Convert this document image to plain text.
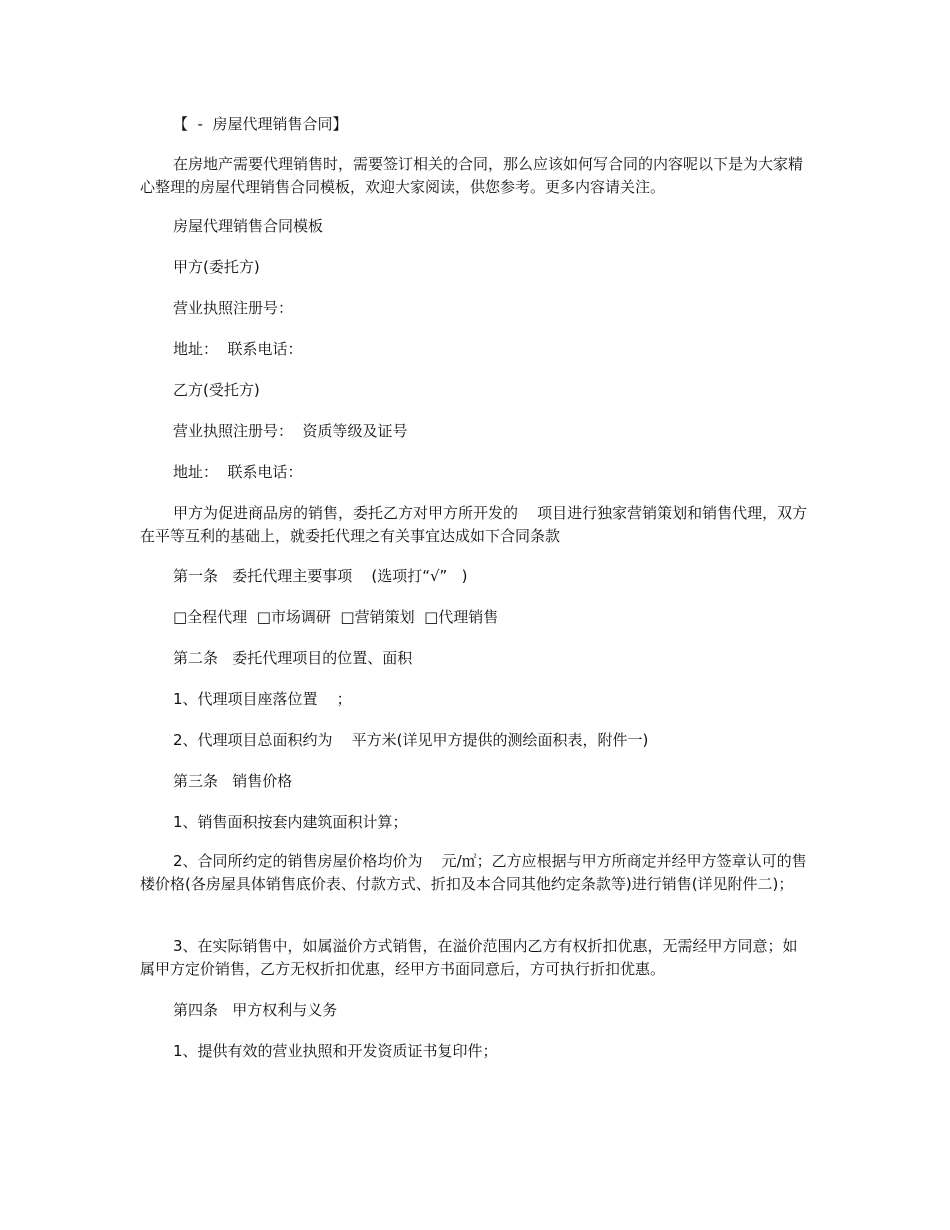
【  -  房屋代理销售合同】

在房地产需要代理销售时，需要签订相关的合同，那么应该如何写合同的内容呢以下是为大家精心整理的房屋代理销售合同模板，欢迎大家阅读，供您参考。更多内容请关注。

房屋代理销售合同模板

甲方(委托方)

营业执照注册号：

地址：  联系电话：

乙方(受托方)

营业执照注册号：  资质等级及证号

地址：  联系电话：

甲方为促进商品房的销售，委托乙方对甲方所开发的    项目进行独家营销策划和销售代理，双方在平等互利的基础上，就委托代理之有关事宜达成如下合同条款

第一条   委托代理主要事项    (选项打“√”   )

□全程代理  □市场调研  □营销策划  □代理销售

第二条   委托代理项目的位置、面积

1、代理项目座落位置    ；

2、代理项目总面积约为    平方米(详见甲方提供的测绘面积表，附件一)

第三条   销售价格

1、销售面积按套内建筑面积计算；

2、合同所约定的销售房屋价格均价为    元/㎡；乙方应根据与甲方所商定并经甲方签章认可的售楼价格(各房屋具体销售底价表、付款方式、折扣及本合同其他约定条款等)进行销售(详见附件二)；

3、在实际销售中，如属溢价方式销售，在溢价范围内乙方有权折扣优惠，无需经甲方同意；如属甲方定价销售，乙方无权折扣优惠，经甲方书面同意后，方可执行折扣优惠。

第四条   甲方权利与义务

1、提供有效的营业执照和开发资质证书复印件；
